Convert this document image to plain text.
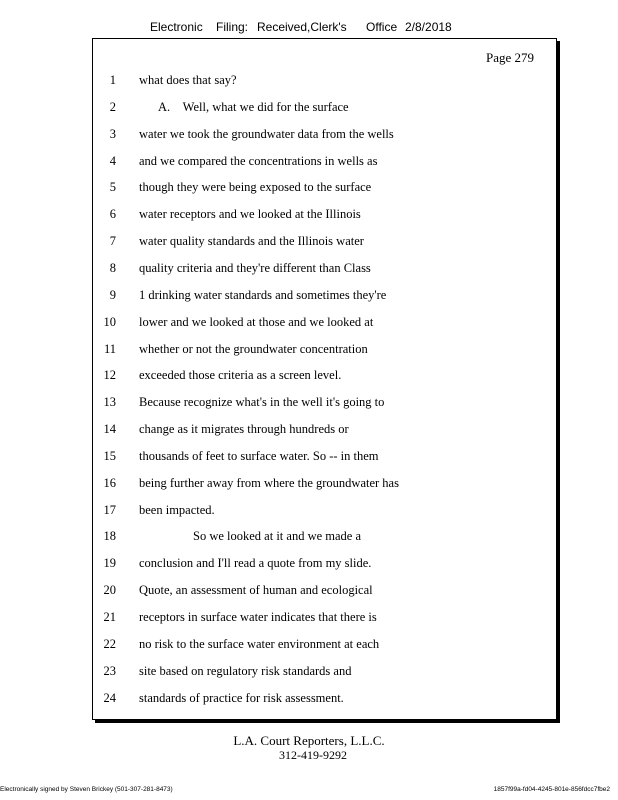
Electronic Filing: Received,Clerk's Office 2/8/2018
Page 279
1 what does that say?
2	A.    Well, what we did for the surface
3 water we took the groundwater data from the wells
4 and we compared the concentrations in wells as
5 though they were being exposed to the surface
6 water receptors and we looked at the Illinois
7 water quality standards and the Illinois water
8 quality criteria and they're different than Class
9 1 drinking water standards and sometimes they're
10 lower and we looked at those and we looked at
11 whether or not the groundwater concentration
12 exceeded those criteria as a screen level.
13 Because recognize what's in the well it's going to
14 change as it migrates through hundreds or
15 thousands of feet to surface water. So -- in them
16 being further away from where the groundwater has
17 been impacted.
18	So we looked at it and we made a
19 conclusion and I'll read a quote from my slide.
20 Quote, an assessment of human and ecological
21 receptors in surface water indicates that there is
22 no risk to the surface water environment at each
23 site based on regulatory risk standards and
24 standards of practice for risk assessment.
L.A. Court Reporters, L.L.C.
312-419-9292
Electronically signed by Steven Brickey (501-307-281-8473)	1857f99a-fd04-4245-801e-856fdcc7fbe2
